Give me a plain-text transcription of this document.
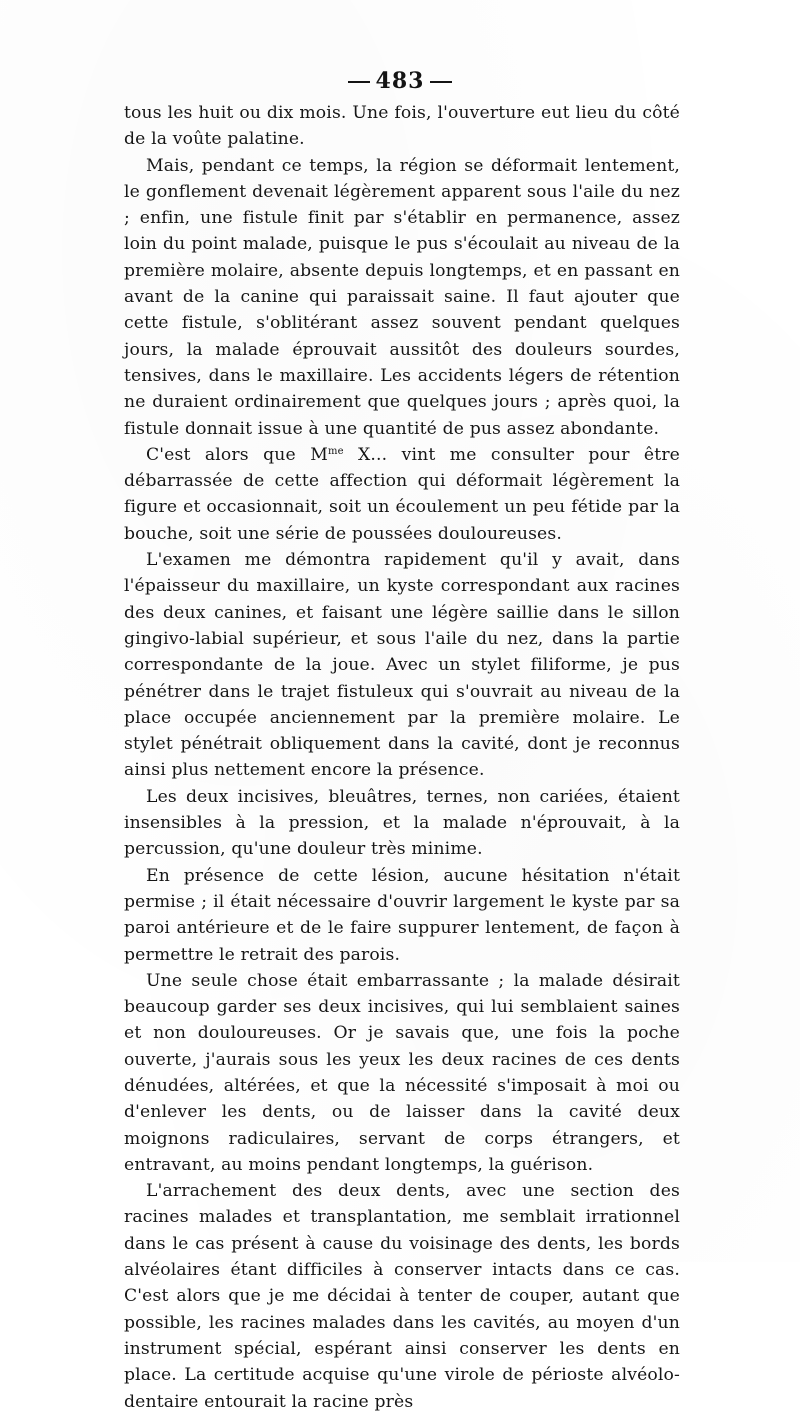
483

tous les huit ou dix mois. Une fois, l'ouverture eut lieu du côté de la voûte palatine.

Mais, pendant ce temps, la région se déformait lentement, le gonflement devenait légèrement apparent sous l'aile du nez ; enfin, une fistule finit par s'établir en permanence, assez loin du point malade, puisque le pus s'écoulait au niveau de la première molaire, absente depuis longtemps, et en passant en avant de la canine qui paraissait saine. Il faut ajouter que cette fistule, s'oblitérant assez souvent pendant quelques jours, la malade éprouvait aussitôt des douleurs sourdes, tensives, dans le maxillaire. Les accidents légers de rétention ne duraient ordinairement que quelques jours ; après quoi, la fistule donnait issue à une quantité de pus assez abondante.

C'est alors que $M^{me}$ X... vint me consulter pour être débarrassée de cette affection qui déformait légèrement la figure et occasionnait, soit un écoulement un peu fétide par la bouche, soit une série de poussées douloureuses.

L'examen me démontra rapidement qu'il y avait, dans l'épaisseur du maxillaire, un kyste correspondant aux racines des deux canines, et faisant une légère saillie dans le sillon gingivo-labial supérieur, et sous l'aile du nez, dans la partie correspondante de la joue. Avec un stylet filiforme, je pus pénétrer dans le trajet fistuleux qui s'ouvrait au niveau de la place occupée anciennement par la première molaire. Le stylet pénétrait obliquement dans la cavité, dont je reconnus ainsi plus nettement encore la présence.

Les deux incisives, bleuâtres, ternes, non cariées, étaient insensibles à la pression, et la malade n'éprouvait, à la percussion, qu'une douleur très minime.

En présence de cette lésion, aucune hésitation n'était permise ; il était nécessaire d'ouvrir largement le kyste par sa paroi antérieure et de le faire suppurer lentement, de façon à permettre le retrait des parois.

Une seule chose était embarrassante ; la malade désirait beaucoup garder ses deux incisives, qui lui semblaient saines et non douloureuses. Or je savais que, une fois la poche ouverte, j'aurais sous les yeux les deux racines de ces dents dénudées, altérées, et que la nécessité s'imposait à moi ou d'enlever les dents, ou de laisser dans la cavité deux moignons radiculaires, servant de corps étrangers, et entravant, au moins pendant longtemps, la guérison.

L'arrachement des deux dents, avec une section des racines malades et transplantation, me semblait irrationnel dans le cas présent à cause du voisinage des dents, les bords alvéolaires étant difficiles à conserver intacts dans ce cas. C'est alors que je me décidai à tenter de couper, autant que possible, les racines malades dans les cavités, au moyen d'un instrument spécial, espérant ainsi conserver les dents en place. La certitude acquise qu'une virole de périoste alvéolo-dentaire entourait la racine près
